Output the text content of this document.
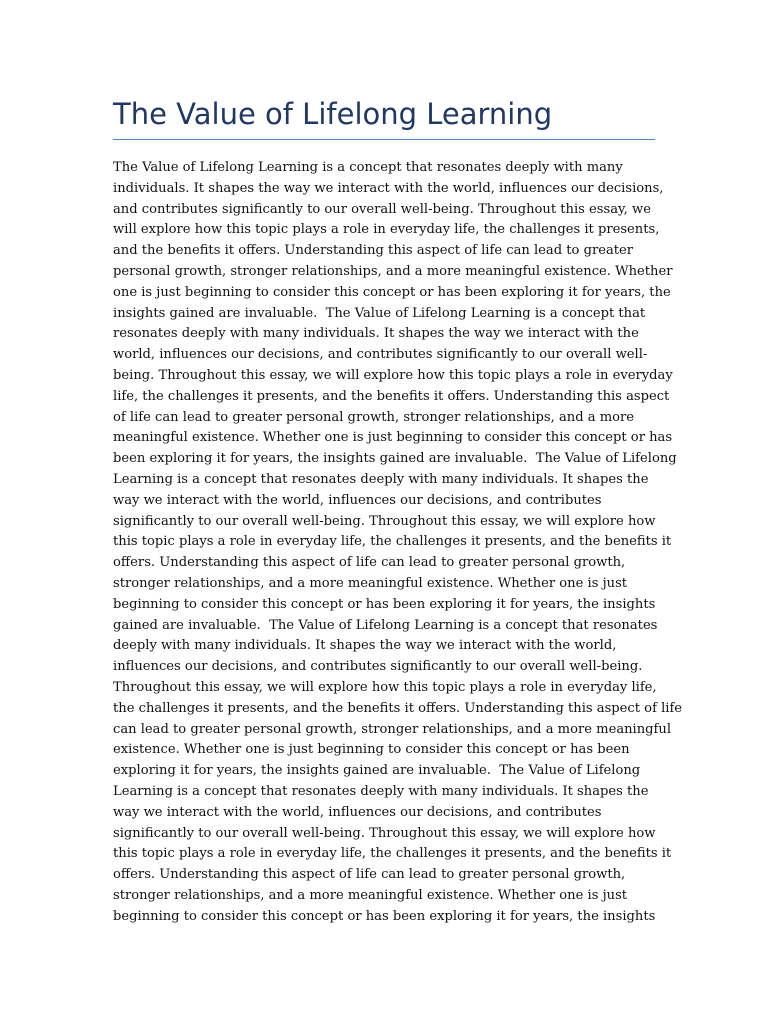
The Value of Lifelong Learning
The Value of Lifelong Learning is a concept that resonates deeply with many
individuals. It shapes the way we interact with the world, influences our decisions,
and contributes significantly to our overall well-being. Throughout this essay, we
will explore how this topic plays a role in everyday life, the challenges it presents,
and the benefits it offers. Understanding this aspect of life can lead to greater
personal growth, stronger relationships, and a more meaningful existence. Whether
one is just beginning to consider this concept or has been exploring it for years, the
insights gained are invaluable.  The Value of Lifelong Learning is a concept that
resonates deeply with many individuals. It shapes the way we interact with the
world, influences our decisions, and contributes significantly to our overall well-
being. Throughout this essay, we will explore how this topic plays a role in everyday
life, the challenges it presents, and the benefits it offers. Understanding this aspect
of life can lead to greater personal growth, stronger relationships, and a more
meaningful existence. Whether one is just beginning to consider this concept or has
been exploring it for years, the insights gained are invaluable.  The Value of Lifelong
Learning is a concept that resonates deeply with many individuals. It shapes the
way we interact with the world, influences our decisions, and contributes
significantly to our overall well-being. Throughout this essay, we will explore how
this topic plays a role in everyday life, the challenges it presents, and the benefits it
offers. Understanding this aspect of life can lead to greater personal growth,
stronger relationships, and a more meaningful existence. Whether one is just
beginning to consider this concept or has been exploring it for years, the insights
gained are invaluable.  The Value of Lifelong Learning is a concept that resonates
deeply with many individuals. It shapes the way we interact with the world,
influences our decisions, and contributes significantly to our overall well-being.
Throughout this essay, we will explore how this topic plays a role in everyday life,
the challenges it presents, and the benefits it offers. Understanding this aspect of life
can lead to greater personal growth, stronger relationships, and a more meaningful
existence. Whether one is just beginning to consider this concept or has been
exploring it for years, the insights gained are invaluable.  The Value of Lifelong
Learning is a concept that resonates deeply with many individuals. It shapes the
way we interact with the world, influences our decisions, and contributes
significantly to our overall well-being. Throughout this essay, we will explore how
this topic plays a role in everyday life, the challenges it presents, and the benefits it
offers. Understanding this aspect of life can lead to greater personal growth,
stronger relationships, and a more meaningful existence. Whether one is just
beginning to consider this concept or has been exploring it for years, the insights
